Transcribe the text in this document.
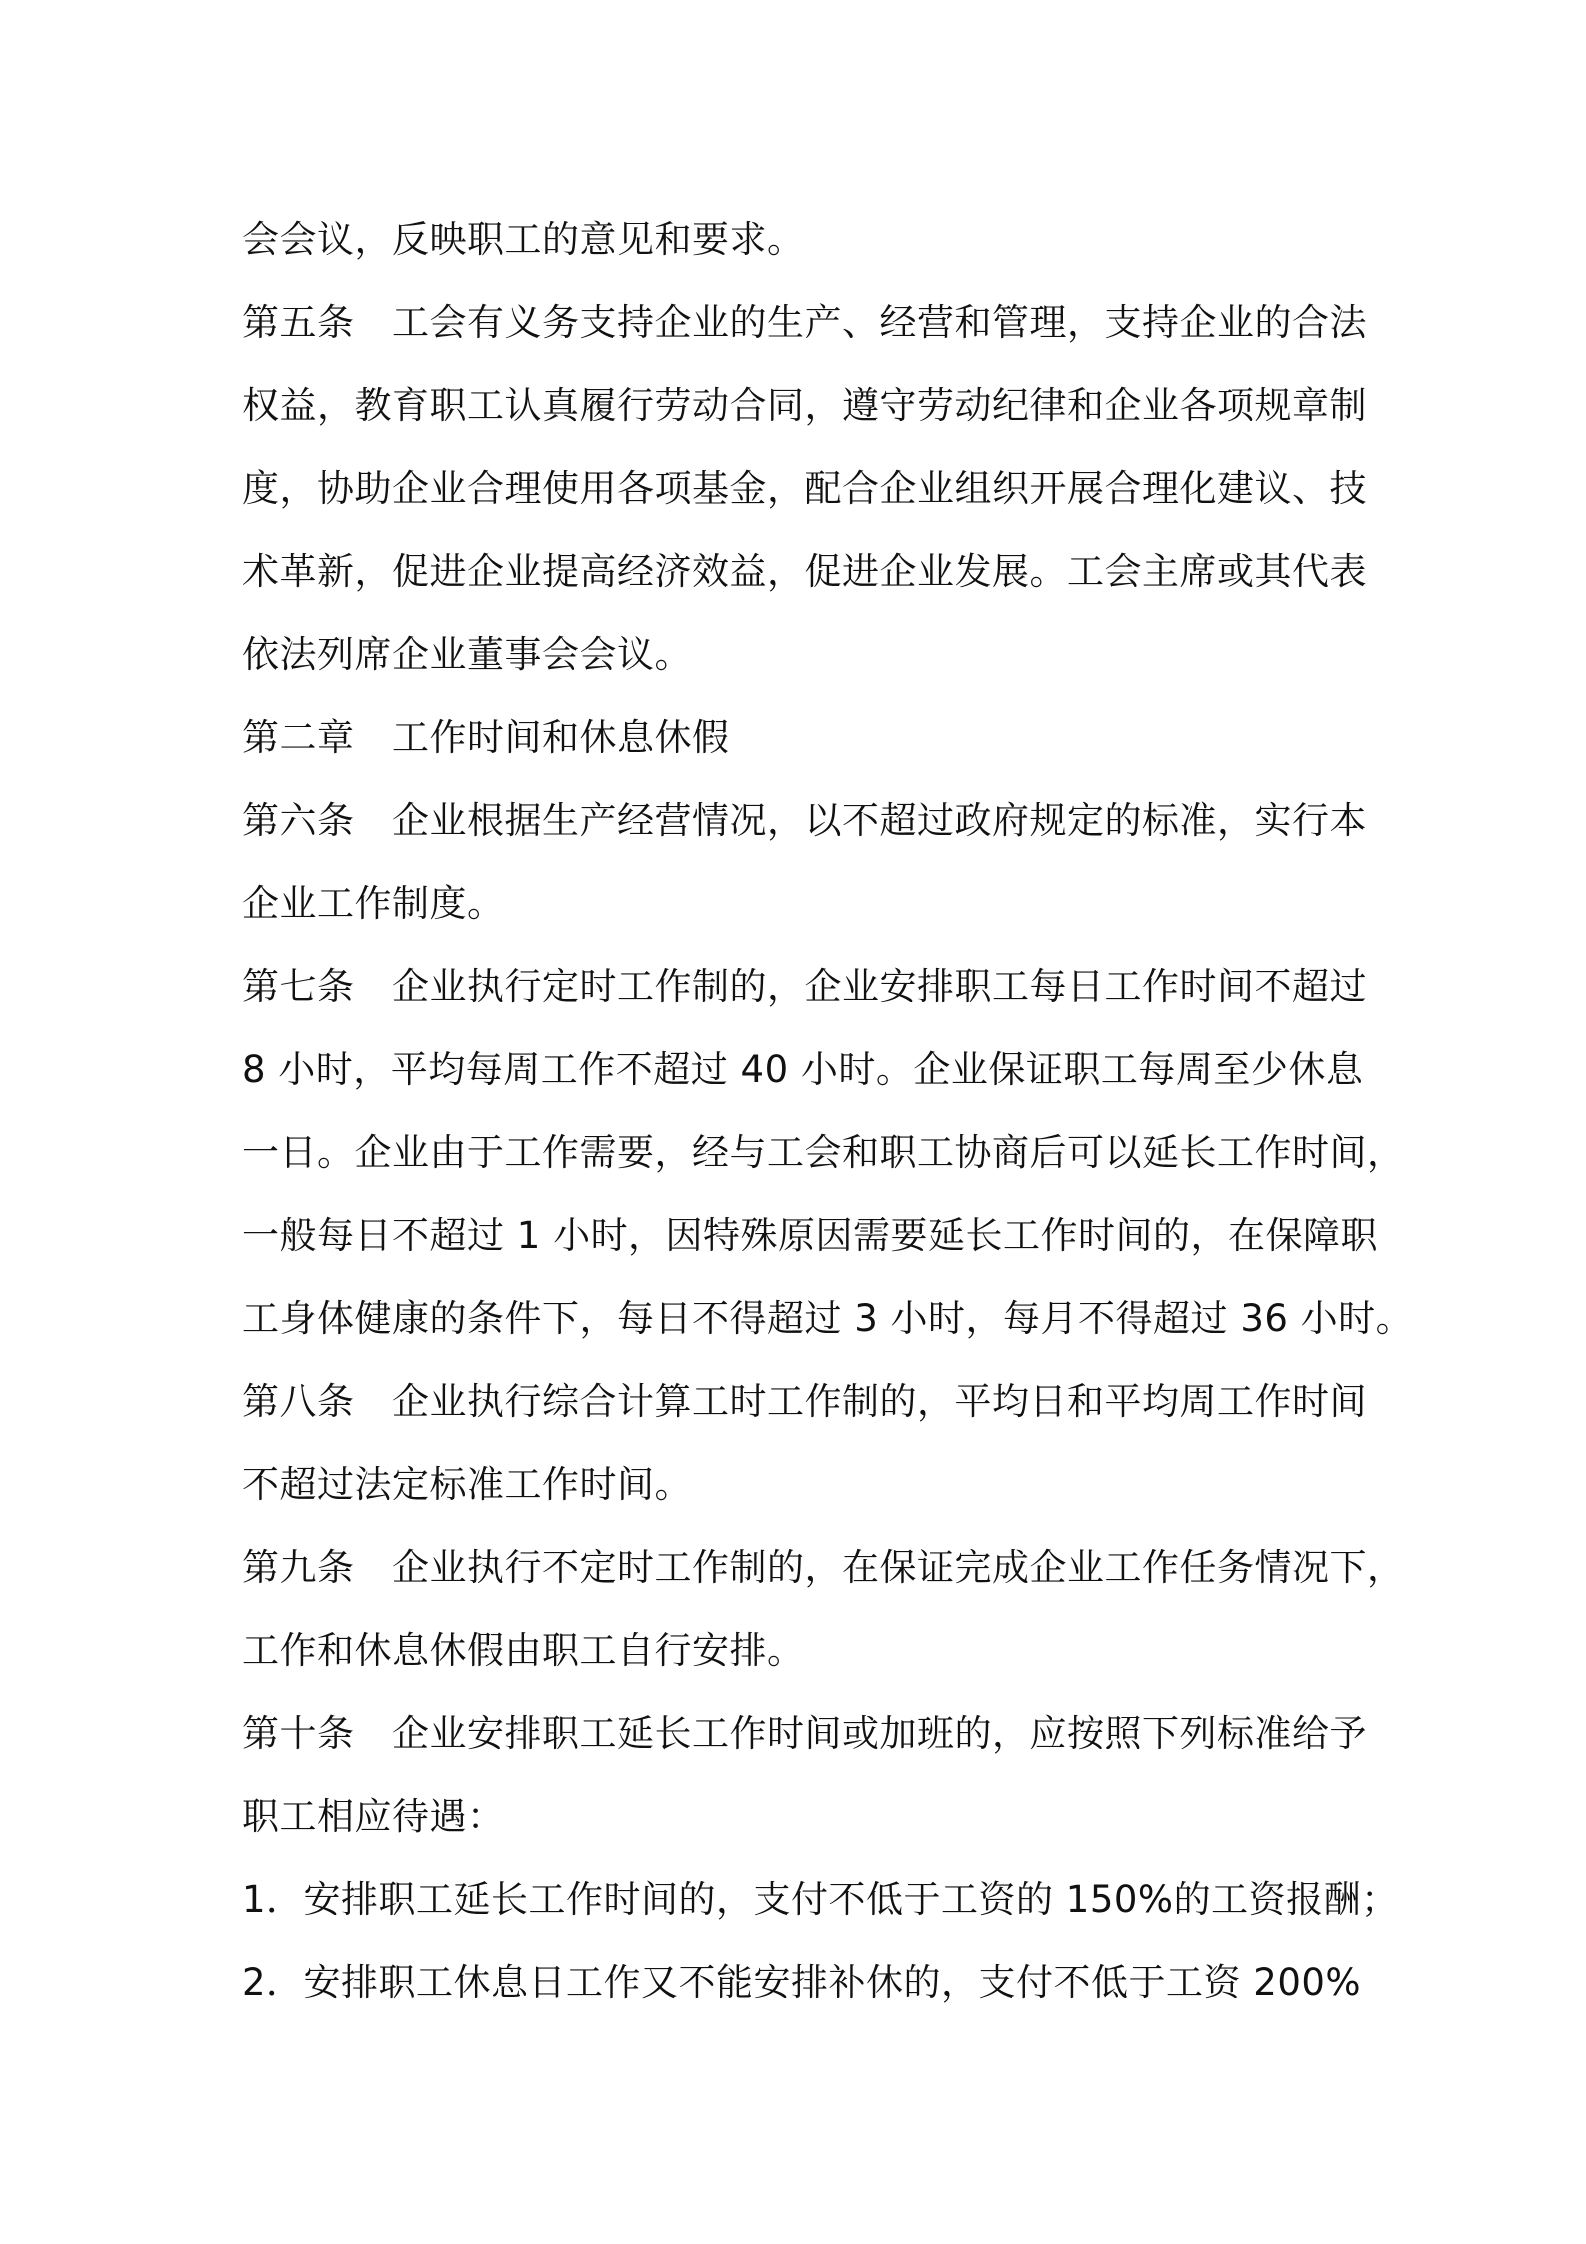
会会议，反映职工的意见和要求。
第五条　工会有义务支持企业的生产、经营和管理，支持企业的合法
权益，教育职工认真履行劳动合同，遵守劳动纪律和企业各项规章制
度，协助企业合理使用各项基金，配合企业组织开展合理化建议、技
术革新，促进企业提高经济效益，促进企业发展。工会主席或其代表
依法列席企业董事会会议。
第二章　工作时间和休息休假
第六条　企业根据生产经营情况，以不超过政府规定的标准，实行本
企业工作制度。
第七条　企业执行定时工作制的，企业安排职工每日工作时间不超过
8 小时，平均每周工作不超过 40 小时。企业保证职工每周至少休息
一日。企业由于工作需要，经与工会和职工协商后可以延长工作时间，
一般每日不超过 1 小时，因特殊原因需要延长工作时间的，在保障职
工身体健康的条件下，每日不得超过 3 小时，每月不得超过 36 小时。
第八条　企业执行综合计算工时工作制的，平均日和平均周工作时间
不超过法定标准工作时间。
第九条　企业执行不定时工作制的，在保证完成企业工作任务情况下，
工作和休息休假由职工自行安排。
第十条　企业安排职工延长工作时间或加班的，应按照下列标准给予
职工相应待遇：
1．安排职工延长工作时间的，支付不低于工资的 150%的工资报酬；
2．安排职工休息日工作又不能安排补休的，支付不低于工资 200%
